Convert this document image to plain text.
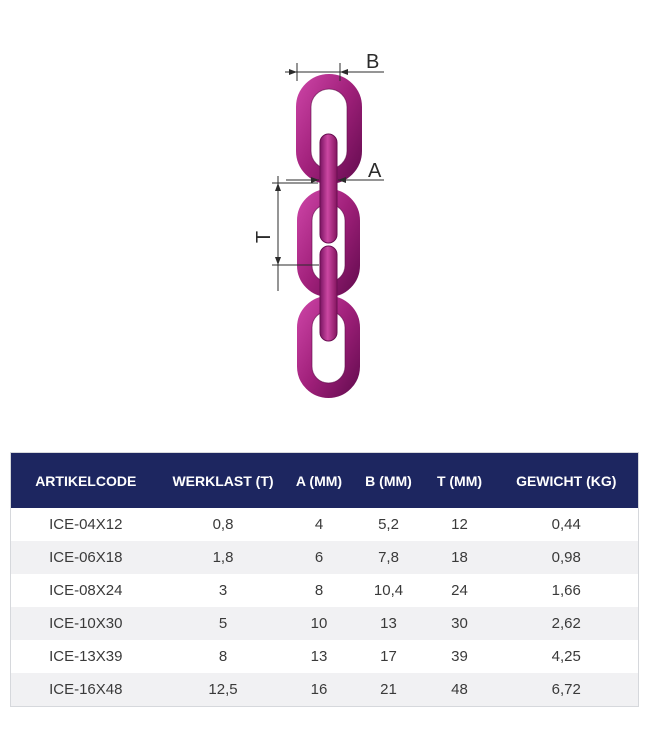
B
A
T
ARTIKELCODE	WERKLAST (T)	A (MM)	B (MM)	T (MM)	GEWICHT (KG)
ICE-04X12	0,8	4	5,2	12	0,44
ICE-06X18	1,8	6	7,8	18	0,98
ICE-08X24	3	8	10,4	24	1,66
ICE-10X30	5	10	13	30	2,62
ICE-13X39	8	13	17	39	4,25
ICE-16X48	12,5	16	21	48	6,72
